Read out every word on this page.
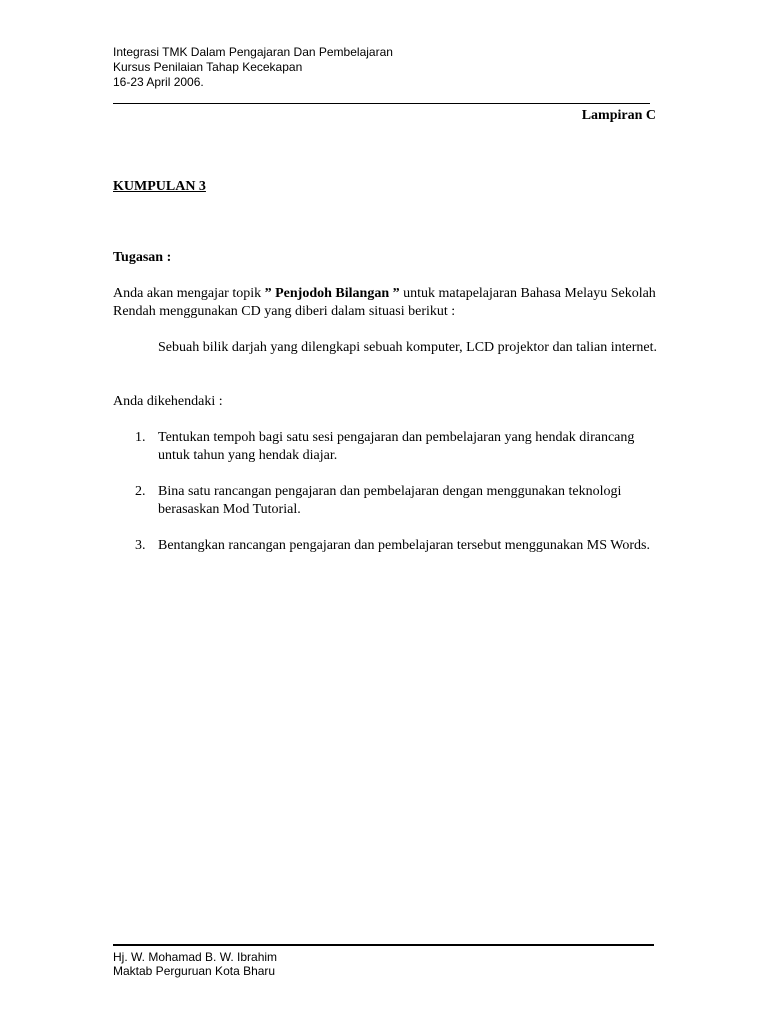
Integrasi TMK Dalam Pengajaran Dan Pembelajaran
Kursus Penilaian Tahap Kecekapan
16-23 April 2006.
Lampiran C
KUMPULAN 3
Tugasan :
Anda akan mengajar topik ” Penjodoh Bilangan ” untuk matapelajaran Bahasa Melayu Sekolah Rendah menggunakan CD yang diberi dalam situasi berikut :
Sebuah bilik darjah yang dilengkapi sebuah komputer, LCD projektor dan talian internet.
Anda dikehendaki :
1. Tentukan tempoh bagi satu sesi pengajaran dan pembelajaran yang hendak dirancang untuk tahun yang hendak diajar.
2. Bina satu rancangan pengajaran dan pembelajaran dengan menggunakan teknologi berasaskan Mod Tutorial.
3. Bentangkan rancangan pengajaran dan pembelajaran tersebut menggunakan MS Words.
Hj. W. Mohamad B. W. Ibrahim
Maktab Perguruan Kota Bharu
